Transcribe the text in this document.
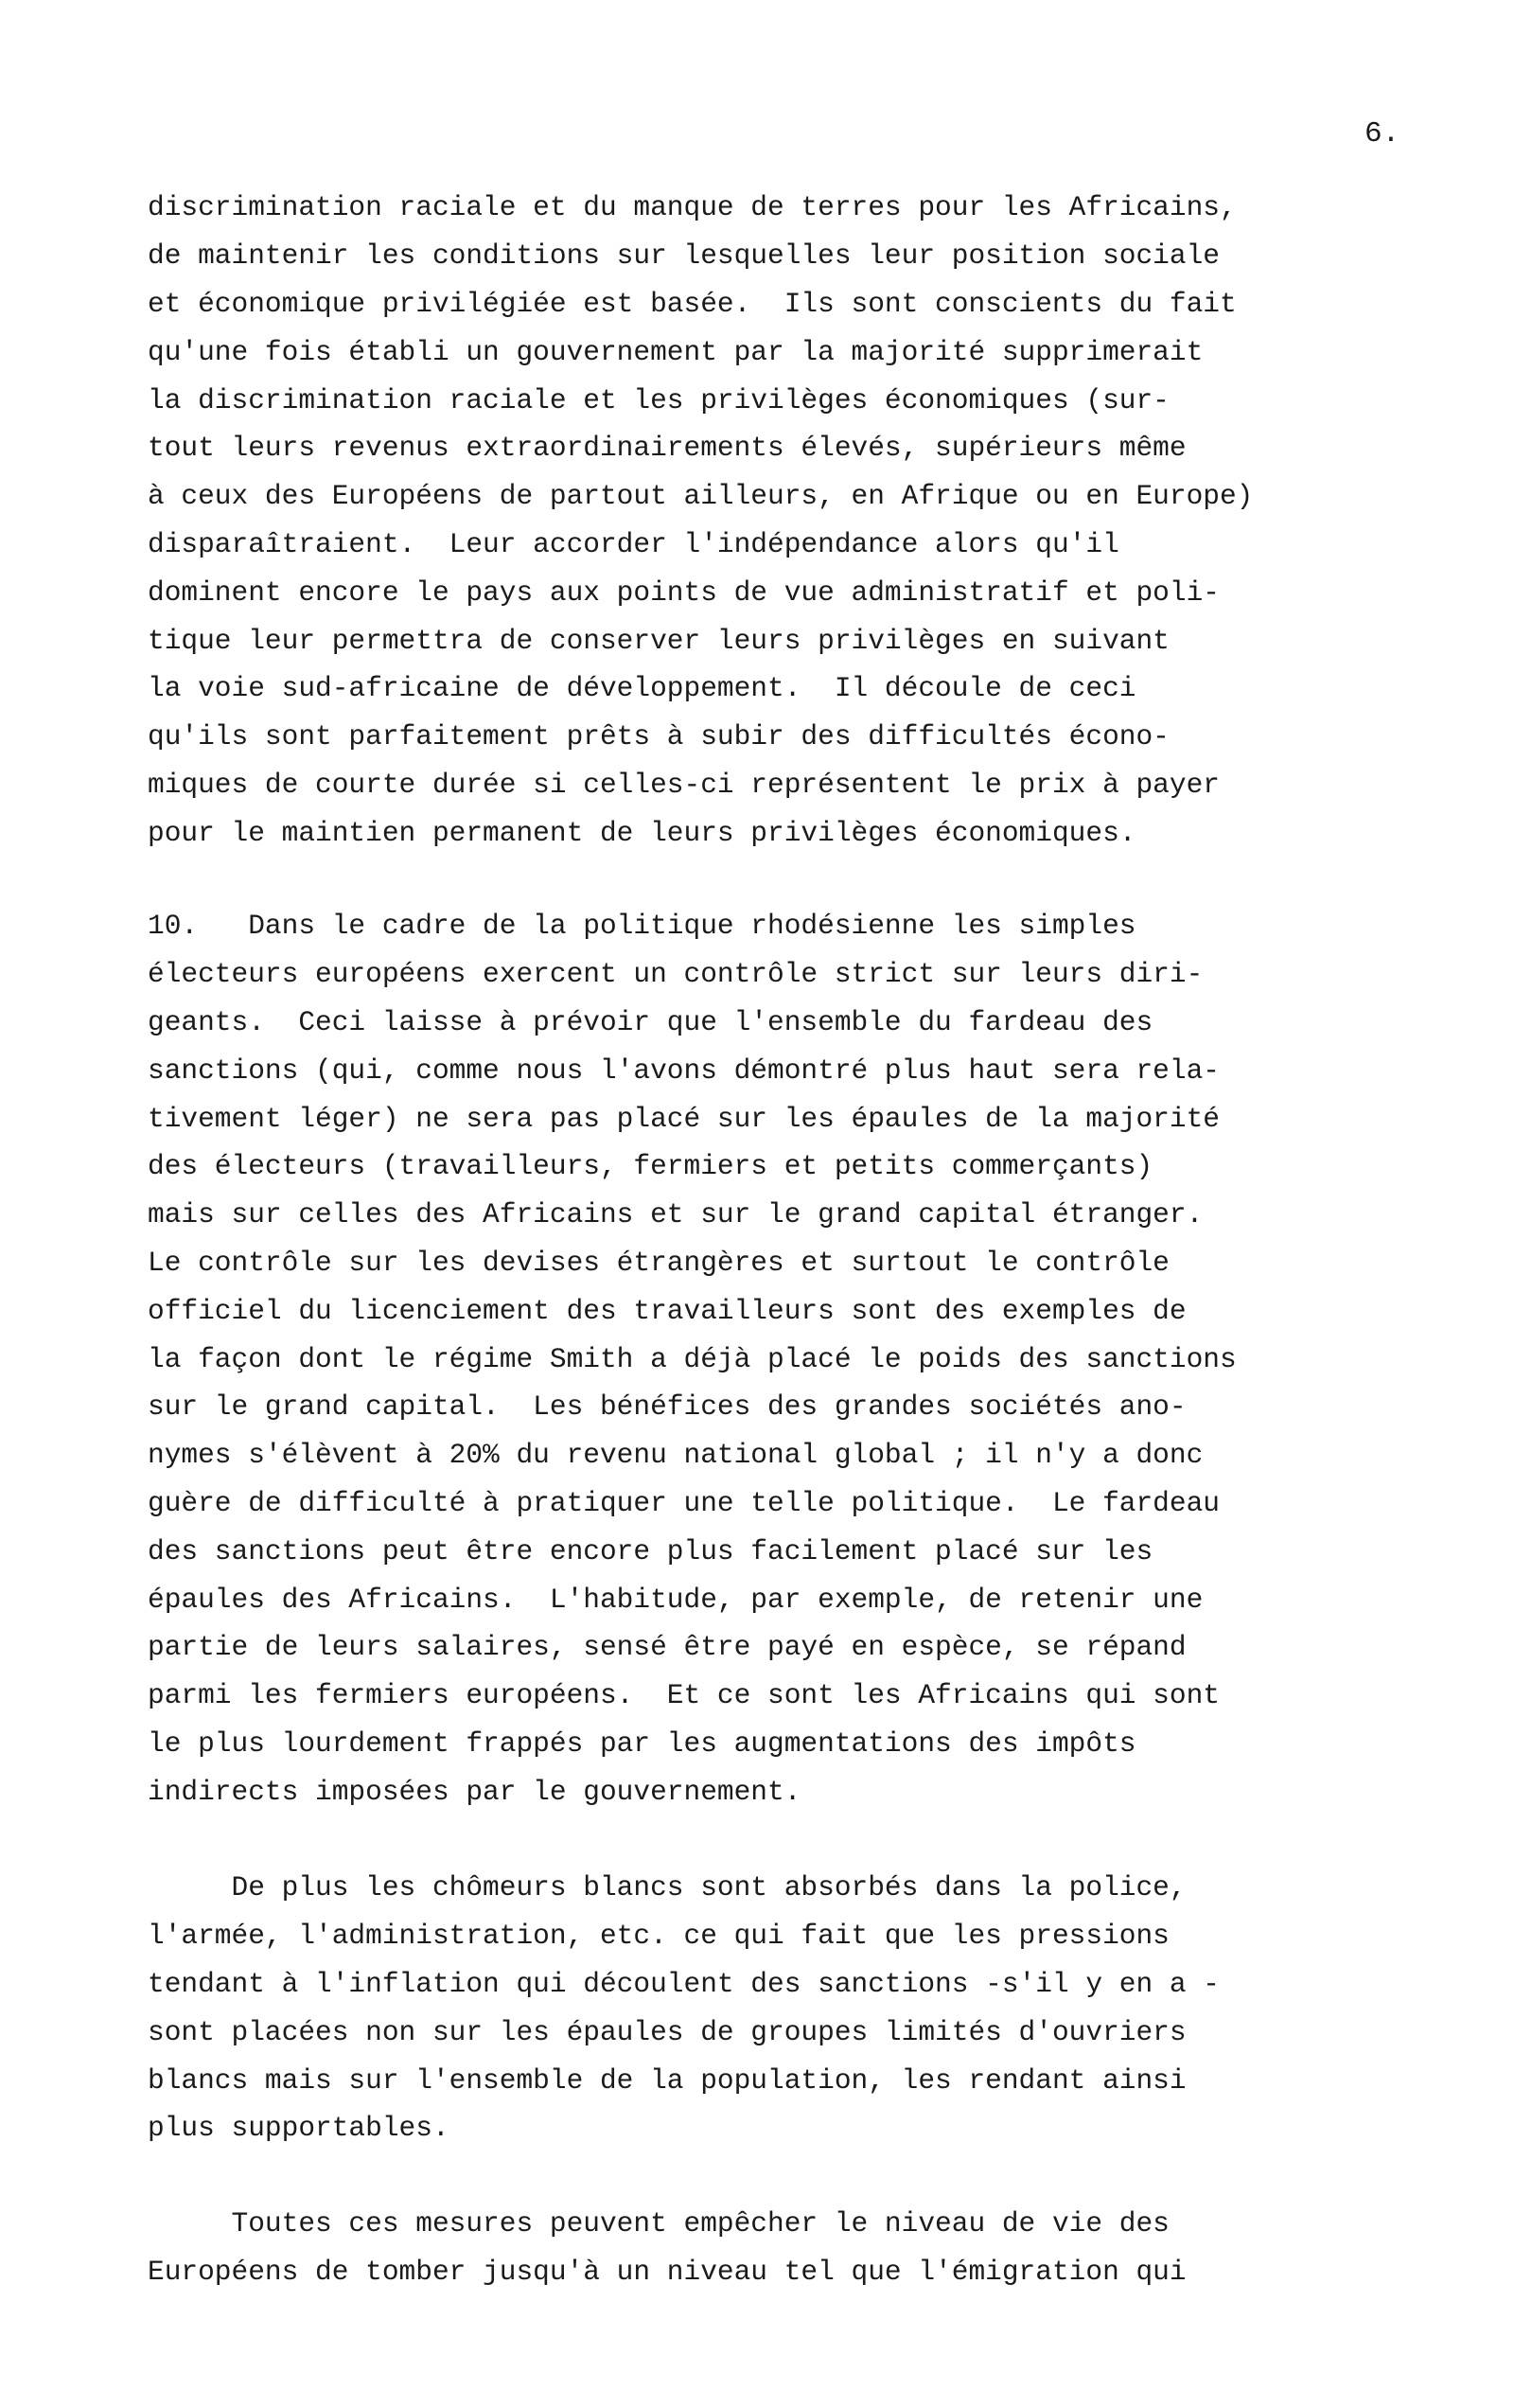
6.
discrimination raciale et du manque de terres pour les Africains,
de maintenir les conditions sur lesquelles leur position sociale
et économique privilégiée est basée.  Ils sont conscients du fait
qu'une fois établi un gouvernement par la majorité supprimerait
la discrimination raciale et les privilèges économiques (sur-
tout leurs revenus extraordinairements élevés, supérieurs même
à ceux des Européens de partout ailleurs, en Afrique ou en Europe)
disparaîtraient.  Leur accorder l'indépendance alors qu'il
dominent encore le pays aux points de vue administratif et poli-
tique leur permettra de conserver leurs privilèges en suivant
la voie sud-africaine de développement.  Il découle de ceci
qu'ils sont parfaitement prêts à subir des difficultés écono-
miques de courte durée si celles-ci représentent le prix à payer
pour le maintien permanent de leurs privilèges économiques.
10.   Dans le cadre de la politique rhodésienne les simples
électeurs européens exercent un contrôle strict sur leurs diri-
geants.  Ceci laisse à prévoir que l'ensemble du fardeau des
sanctions (qui, comme nous l'avons démontré plus haut sera rela-
tivement léger) ne sera pas placé sur les épaules de la majorité
des électeurs (travailleurs, fermiers et petits commerçants)
mais sur celles des Africains et sur le grand capital étranger.
Le contrôle sur les devises étrangères et surtout le contrôle
officiel du licenciement des travailleurs sont des exemples de
la façon dont le régime Smith a déjà placé le poids des sanctions
sur le grand capital.  Les bénéfices des grandes sociétés ano-
nymes s'élèvent à 20% du revenu national global ; il n'y a donc
guère de difficulté à pratiquer une telle politique.  Le fardeau
des sanctions peut être encore plus facilement placé sur les
épaules des Africains.  L'habitude, par exemple, de retenir une
partie de leurs salaires, sensé être payé en espèce, se répand
parmi les fermiers européens.  Et ce sont les Africains qui sont
le plus lourdement frappés par les augmentations des impôts
indirects imposées par le gouvernement.
De plus les chômeurs blancs sont absorbés dans la police,
l'armée, l'administration, etc. ce qui fait que les pressions
tendant à l'inflation qui découlent des sanctions -s'il y en a -
sont placées non sur les épaules de groupes limités d'ouvriers
blancs mais sur l'ensemble de la population, les rendant ainsi
plus supportables.
Toutes ces mesures peuvent empêcher le niveau de vie des
Européens de tomber jusqu'à un niveau tel que l'émigration qui
